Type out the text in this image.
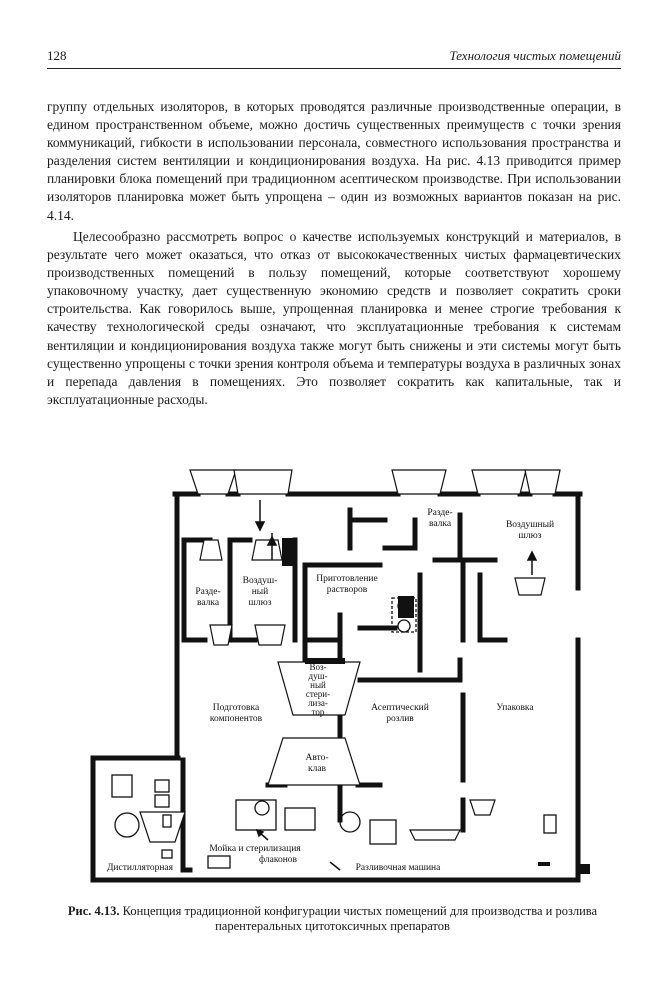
128	Технология чистых помещений

группу отдельных изоляторов, в которых проводятся различные производственные операции, в едином пространственном объеме, можно достичь существенных преимуществ с точки зрения коммуникаций, гибкости в использовании персонала, совместного использования пространства и разделения систем вентиляции и кондиционирования воздуха. На рис. 4.13 приводится пример планировки блока помещений при традиционном асептическом производстве. При использовании изоляторов планировка может быть упрощена – один из возможных вариантов показан на рис. 4.14.

Целесообразно рассмотреть вопрос о качестве используемых конструкций и материалов, в результате чего может оказаться, что отказ от высококачественных чистых фармацевтических производственных помещений в пользу помещений, которые соответствуют хорошему упаковочному участку, дает существенную экономию средств и позволяет сократить сроки строительства. Как говорилось выше, упрощенная планировка и менее строгие требования к качеству технологической среды означают, что эксплуатационные требования к системам вентиляции и кондиционирования воздуха также могут быть снижены и эти системы могут быть существенно упрощены с точки зрения контроля объема и температуры воздуха в различных зонах и перепада давления в помещениях. Это позволяет сократить как капитальные, так и эксплуатационные расходы.

Разде-валка
Воздуш-ный шлюз
Приготовление растворов
Разде-валка	Воздушный шлюз
Воз-душ-ный стери-лиза-тор
Подготовка компонентов
Асептический розлив
Упаковка
Авто-клав
Мойка и стерилизация флаконов
Дистилляторная	Разливочная машина

Рис. 4.13. Концепция традиционной конфигурации чистых помещений для производства и розлива парентеральных цитотоксичных препаратов
